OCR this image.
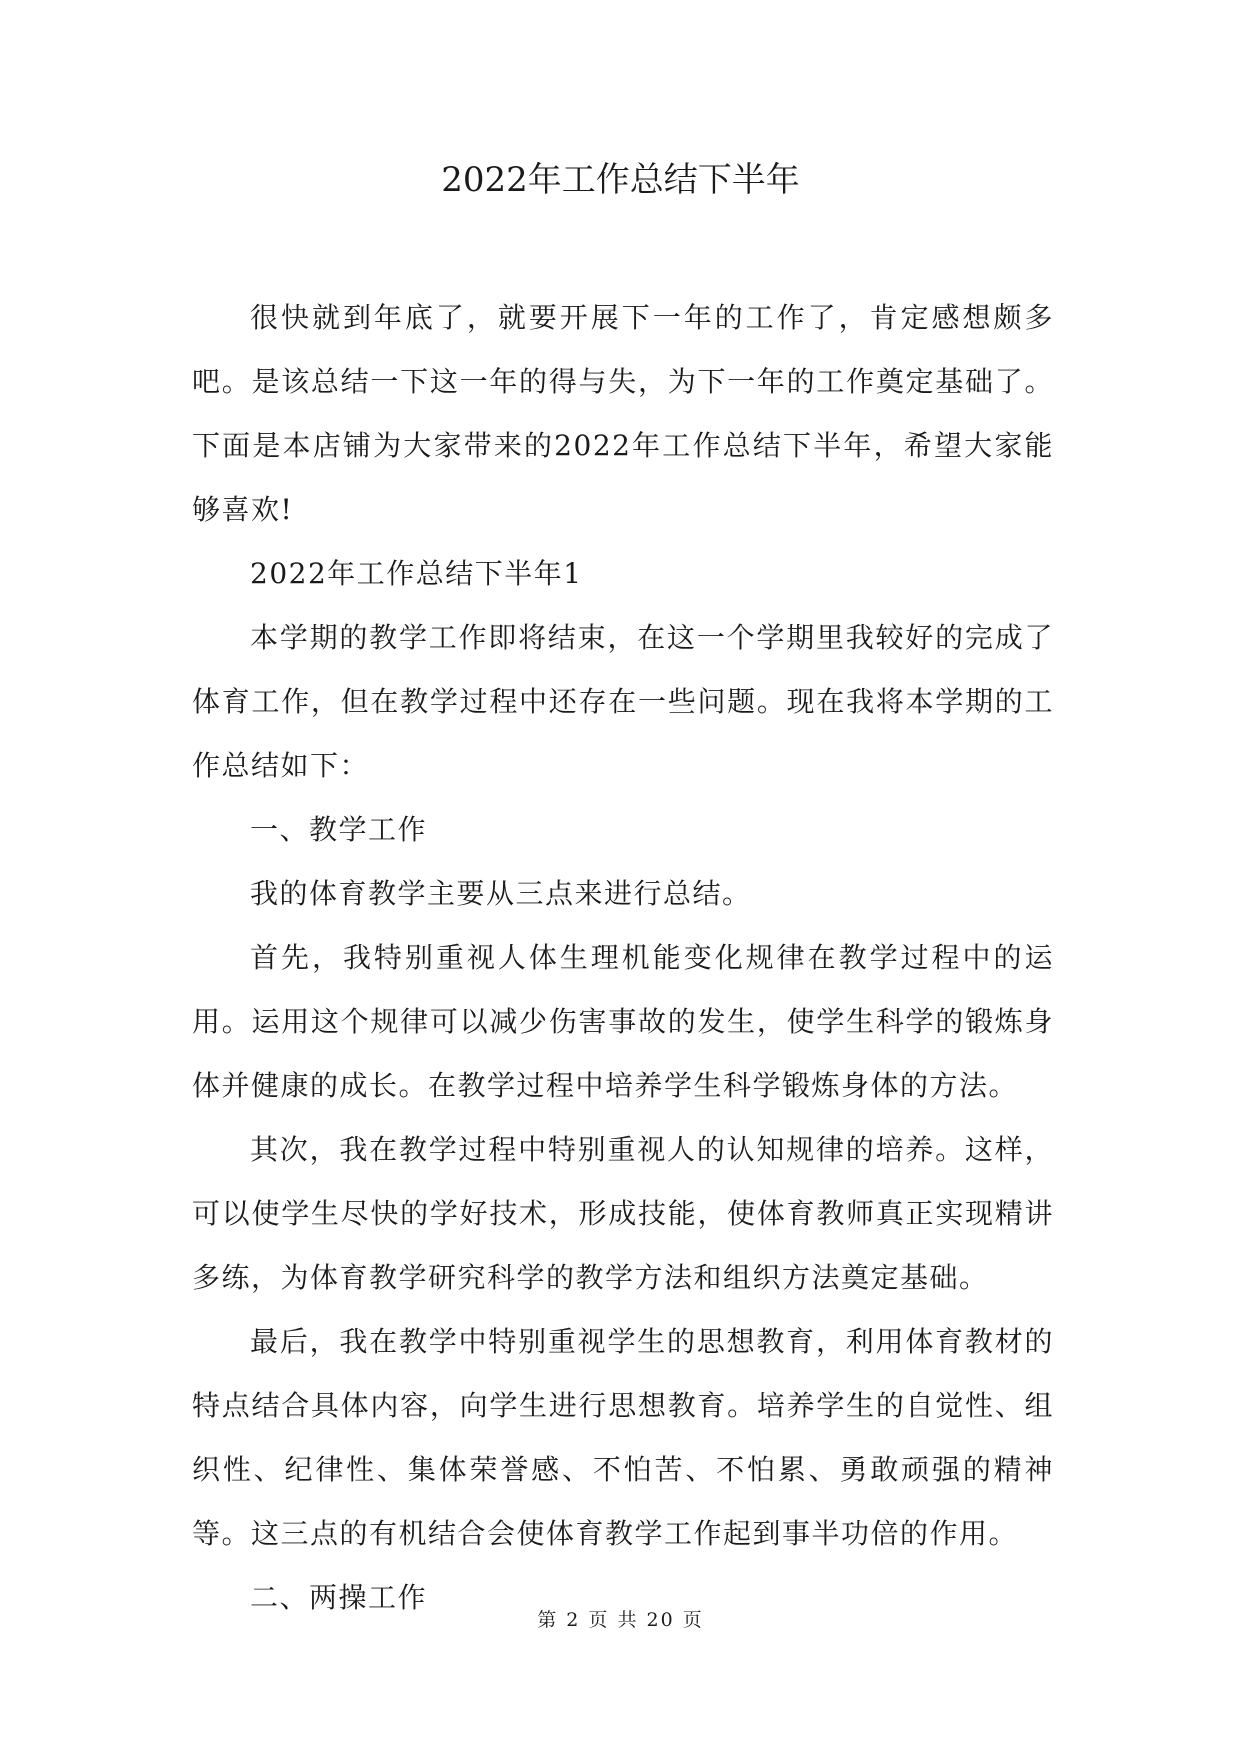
2022年工作总结下半年

很快就到年底了，就要开展下一年的工作了，肯定感想颇多吧。是该总结一下这一年的得与失，为下一年的工作奠定基础了。下面是本店铺为大家带来的2022年工作总结下半年，希望大家能够喜欢!

2022年工作总结下半年1

本学期的教学工作即将结束，在这一个学期里我较好的完成了体育工作，但在教学过程中还存在一些问题。现在我将本学期的工作总结如下：

一、教学工作

我的体育教学主要从三点来进行总结。

首先，我特别重视人体生理机能变化规律在教学过程中的运用。运用这个规律可以减少伤害事故的发生，使学生科学的锻炼身体并健康的成长。在教学过程中培养学生科学锻炼身体的方法。

其次，我在教学过程中特别重视人的认知规律的培养。这样，可以使学生尽快的学好技术，形成技能，使体育教师真正实现精讲多练，为体育教学研究科学的教学方法和组织方法奠定基础。

最后，我在教学中特别重视学生的思想教育，利用体育教材的特点结合具体内容，向学生进行思想教育。培养学生的自觉性、组织性、纪律性、集体荣誉感、不怕苦、不怕累、勇敢顽强的精神等。这三点的有机结合会使体育教学工作起到事半功倍的作用。

二、两操工作

第 2 页 共 20 页
